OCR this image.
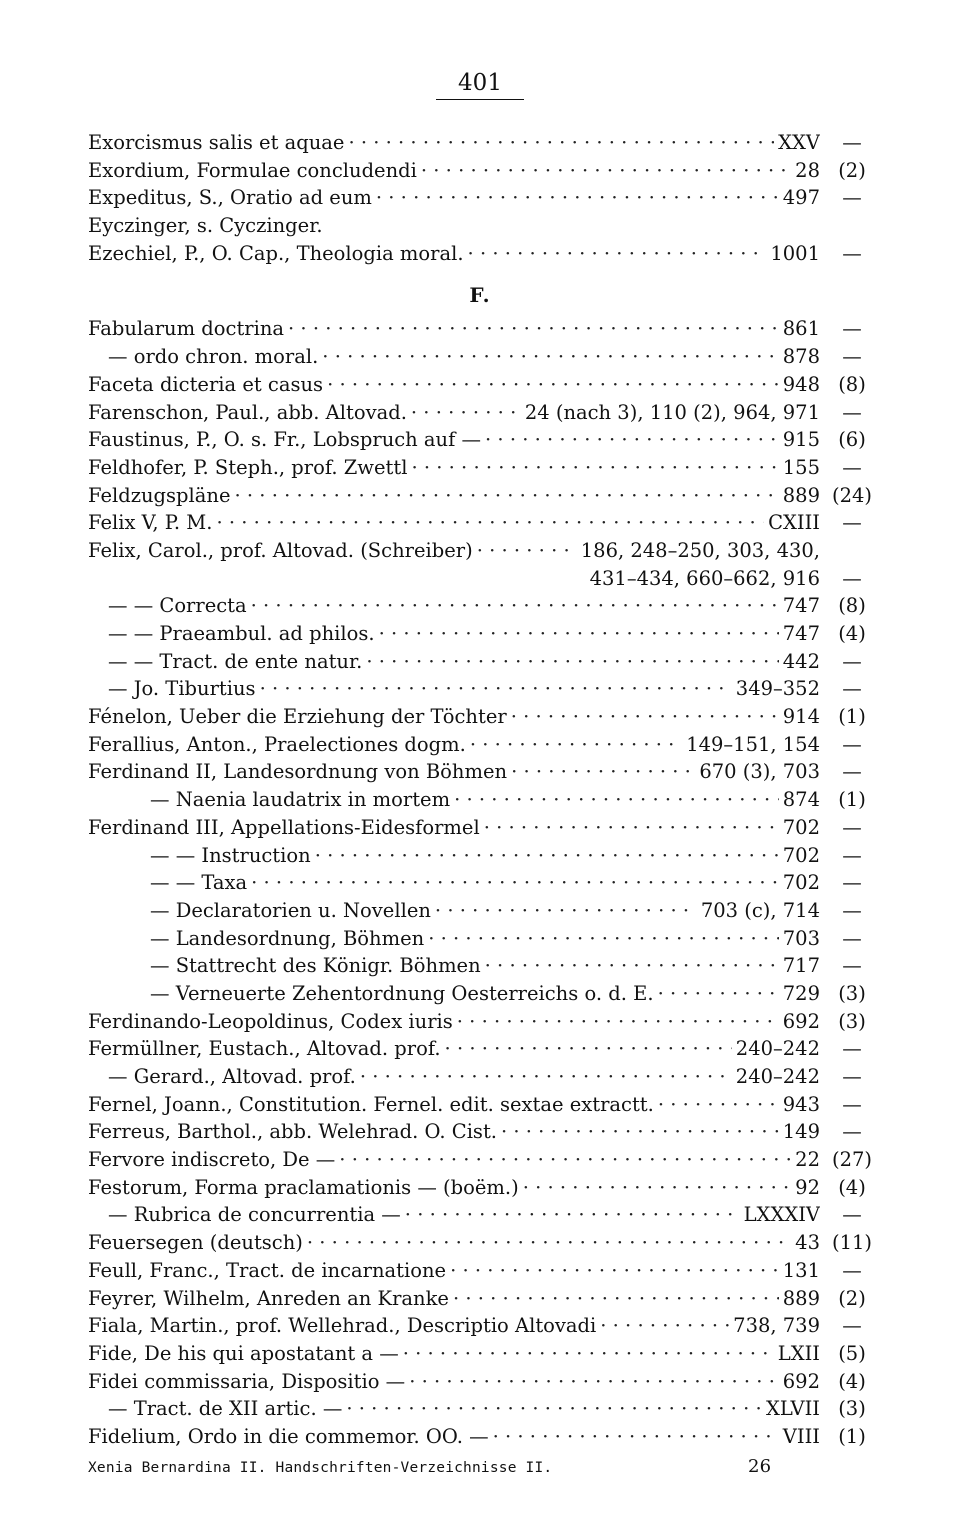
401
Exorcismus salis et aquae · · ·	XXV	—
Exordium, Formulae concludendi · · ·	28 (2)
Expeditus, S., Oratio ad eum · · ·	497	—
Eyczinger, s. Cyczinger.
Ezechiel, P., O. Cap., Theologia moral. · · ·	1001	—
F.
Fabularum doctrina · · ·	861	—
— ordo chron. moral. · · ·	878	—
Faceta dicteria et casus · · ·	948 (8)
Farenschon, Paul., abb. Altovad. · · ·	24 (nach 3), 110 (2), 964, 971	—
Faustinus, P., O. s. Fr., Lobspruch auf — · · ·	915 (6)
Feldhofer, P. Steph., prof. Zwettl · · ·	155	—
Feldzugspläne · · ·	889 (24)
Felix V, P. M. · · ·	CXIII	—
Felix, Carol., prof. Altovad. (Schreiber) · · ·	186, 248–250, 303, 430,
431–434, 660–662, 916	—
— — Correcta · · ·	747 (8)
— — Praeambul. ad philos. · · ·	747 (4)
— — Tract. de ente natur. · · ·	442	—
— Jo. Tiburtius · · ·	349–352	—
Fénelon, Ueber die Erziehung der Töchter · · ·	914 (1)
Ferallius, Anton., Praelectiones dogm. · · ·	149–151, 154	—
Ferdinand II, Landesordnung von Böhmen · · ·	670 (3), 703	—
— Naenia laudatrix in mortem · · ·	874 (1)
Ferdinand III, Appellations-Eidesformel · · ·	702	—
— — Instruction · · ·	702	—
— — Taxa · · ·	702	—
— Declaratorien u. Novellen · · ·	703 (c), 714	—
— Landesordnung, Böhmen · · ·	703	—
— Stattrecht des Königr. Böhmen · · ·	717	—
— Verneuerte Zehentordnung Oesterreichs o. d. E. · · ·	729 (3)
Ferdinando-Leopoldinus, Codex iuris · · ·	692 (3)
Fermüllner, Eustach., Altovad. prof. · · ·	240–242	—
— Gerard., Altovad. prof. · · ·	240–242	—
Fernel, Joann., Constitution. Fernel. edit. sextae extractt. · · ·	943	—
Ferreus, Barthol., abb. Welehrad. O. Cist. · · ·	149	—
Fervore indiscreto, De — · · ·	22 (27)
Festorum, Forma praclamationis — (boëm.) · · ·	92 (4)
— Rubrica de concurrentia — · · ·	LXXXIV	—
Feuersegen (deutsch) · · ·	43 (11)
Feull, Franc., Tract. de incarnatione · · ·	131	—
Feyrer, Wilhelm, Anreden an Kranke · · ·	889 (2)
Fiala, Martin., prof. Wellehrad., Descriptio Altovadi · · ·	738, 739	—
Fide, De his qui apostatant a — · · ·	LXII (5)
Fidei commissaria, Dispositio — · · ·	692 (4)
— Tract. de XII artic. — · · ·	XLVII (3)
Fidelium, Ordo in die commemor. OO. — · · ·	VIII (1)
Xenia Bernardina II. Handschriften-Verzeichnisse II.	26
